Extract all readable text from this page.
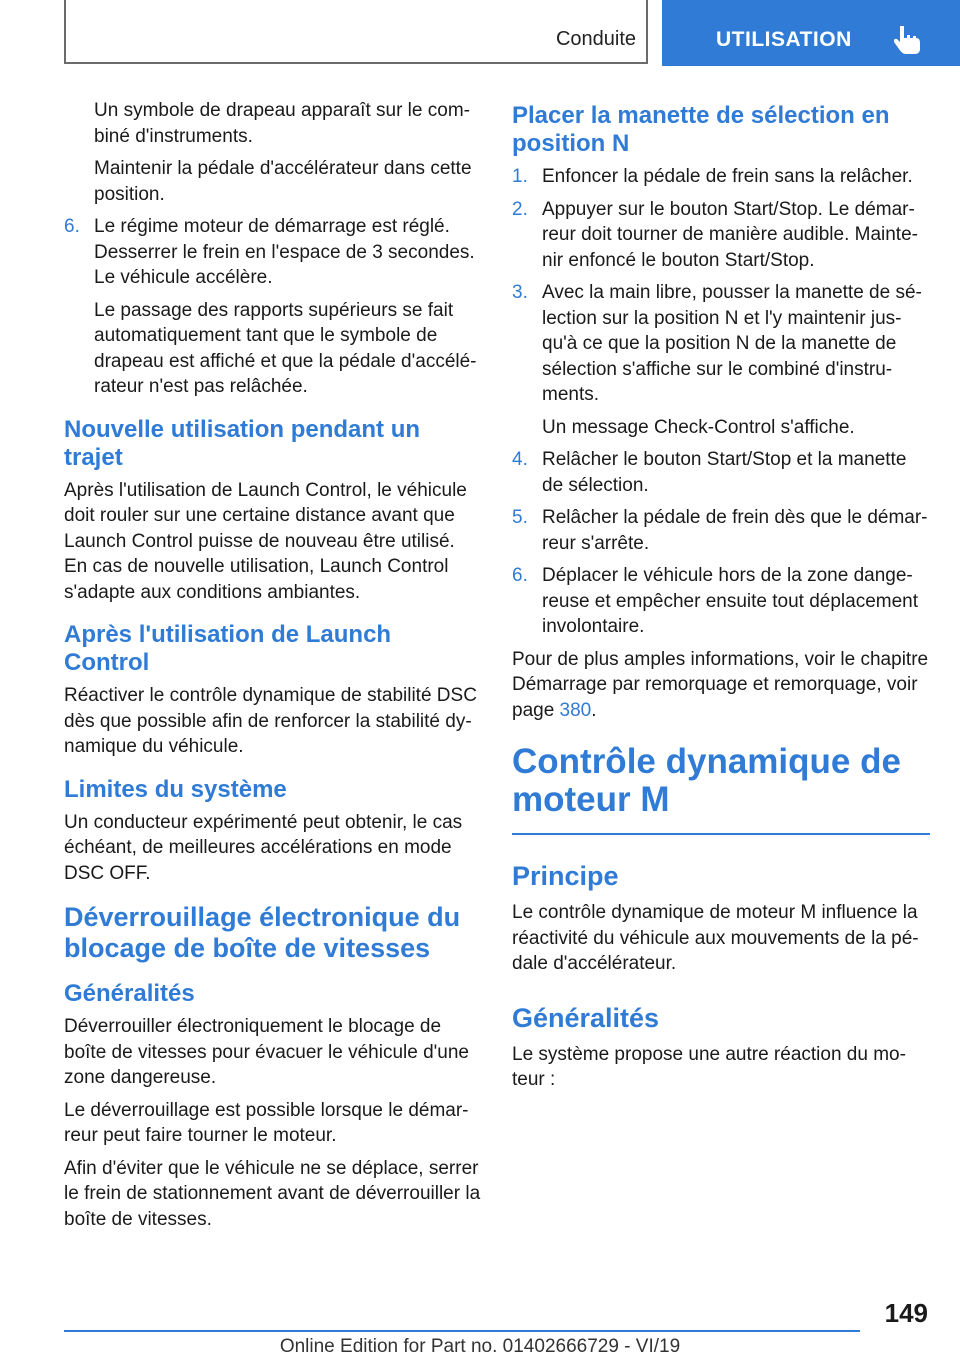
Conduite	UTILISATION

Un symbole de drapeau apparaît sur le com‐ biné d'instruments.

Maintenir la pédale d'accélérateur dans cette position.

6. Le régime moteur de démarrage est réglé. Desserrer le frein en l'espace de 3 secondes. Le véhicule accélère.

Le passage des rapports supérieurs se fait automatiquement tant que le symbole de drapeau est affiché et que la pédale d'accélé‐ rateur n'est pas relâchée.

Nouvelle utilisation pendant un trajet

Après l'utilisation de Launch Control, le véhicule doit rouler sur une certaine distance avant que Launch Control puisse de nouveau être utilisé. En cas de nouvelle utilisation, Launch Control s'adapte aux conditions ambiantes.

Après l'utilisation de Launch Control

Réactiver le contrôle dynamique de stabilité DSC dès que possible afin de renforcer la stabilité dy‐ namique du véhicule.

Limites du système

Un conducteur expérimenté peut obtenir, le cas échéant, de meilleures accélérations en mode DSC OFF.

Déverrouillage électronique du blocage de boîte de vitesses
Généralités

Déverrouiller électroniquement le blocage de boîte de vitesses pour évacuer le véhicule d'une zone dangereuse.

Le déverrouillage est possible lorsque le démar‐ reur peut faire tourner le moteur.

Afin d'éviter que le véhicule ne se déplace, serrer le frein de stationnement avant de déverrouiller la boîte de vitesses.

Placer la manette de sélection en position N
1. Enfoncer la pédale de frein sans la relâcher.
2. Appuyer sur le bouton Start/Stop. Le démar‐ reur doit tourner de manière audible. Mainte‐ nir enfoncé le bouton Start/Stop.
3. Avec la main libre, pousser la manette de sé‐ lection sur la position N et l'y maintenir jus‐ qu'à ce que la position N de la manette de sélection s'affiche sur le combiné d'instru‐ ments.

Un message Check-Control s'affiche.

4. Relâcher le bouton Start/Stop et la manette de sélection.
5. Relâcher la pédale de frein dès que le démar‐ reur s'arrête.
6. Déplacer le véhicule hors de la zone dange‐ reuse et empêcher ensuite tout déplacement involontaire.

Pour de plus amples informations, voir le chapitre Démarrage par remorquage et remorquage, voir page 380.

Contrôle dynamique de moteur M
Principe

Le contrôle dynamique de moteur M influence la réactivité du véhicule aux mouvements de la pé‐ dale d'accélérateur.

Généralités

Le système propose une autre réaction du mo‐ teur :

149
Online Edition for Part no. 01402666729 - VI/19
